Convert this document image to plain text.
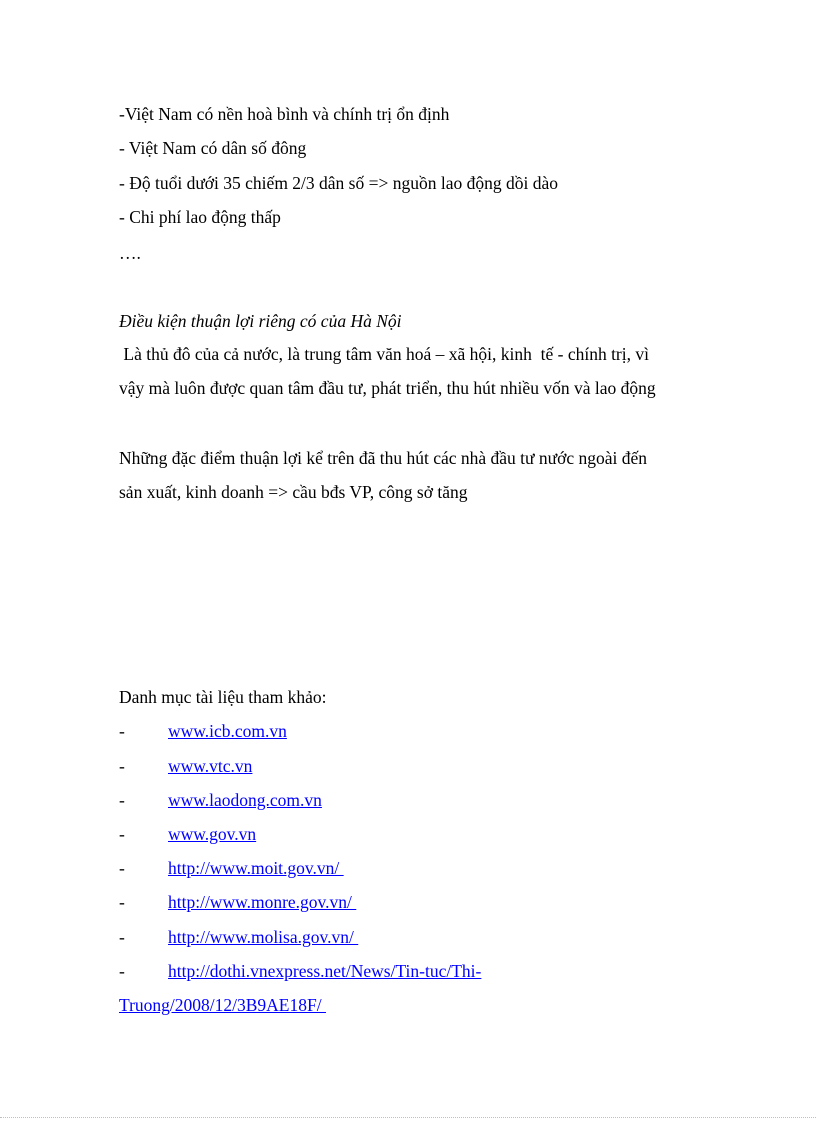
-Việt Nam có nền hoà bình và chính trị ổn định
- Việt Nam có dân số đông
- Độ tuổi dưới 35 chiếm 2/3 dân số => nguồn lao động dồi dào
- Chi phí lao động thấp
….
Điều kiện thuận lợi riêng có của Hà Nội
Là thủ đô của cả nước, là trung tâm văn hoá – xã hội, kinh  tế - chính trị, vì
vậy mà luôn được quan tâm đầu tư, phát triển, thu hút nhiều vốn và lao động
Những đặc điểm thuận lợi kể trên đã thu hút các nhà đầu tư nước ngoài đến
sản xuất, kinh doanh => cầu bđs VP, công sở tăng
Danh mục tài liệu tham khảo:
- www.icb.com.vn
- www.vtc.vn
- www.laodong.com.vn
- www.gov.vn
- http://www.moit.gov.vn/
- http://www.monre.gov.vn/
- http://www.molisa.gov.vn/
- http://dothi.vnexpress.net/News/Tin-tuc/Thi-
Truong/2008/12/3B9AE18F/
